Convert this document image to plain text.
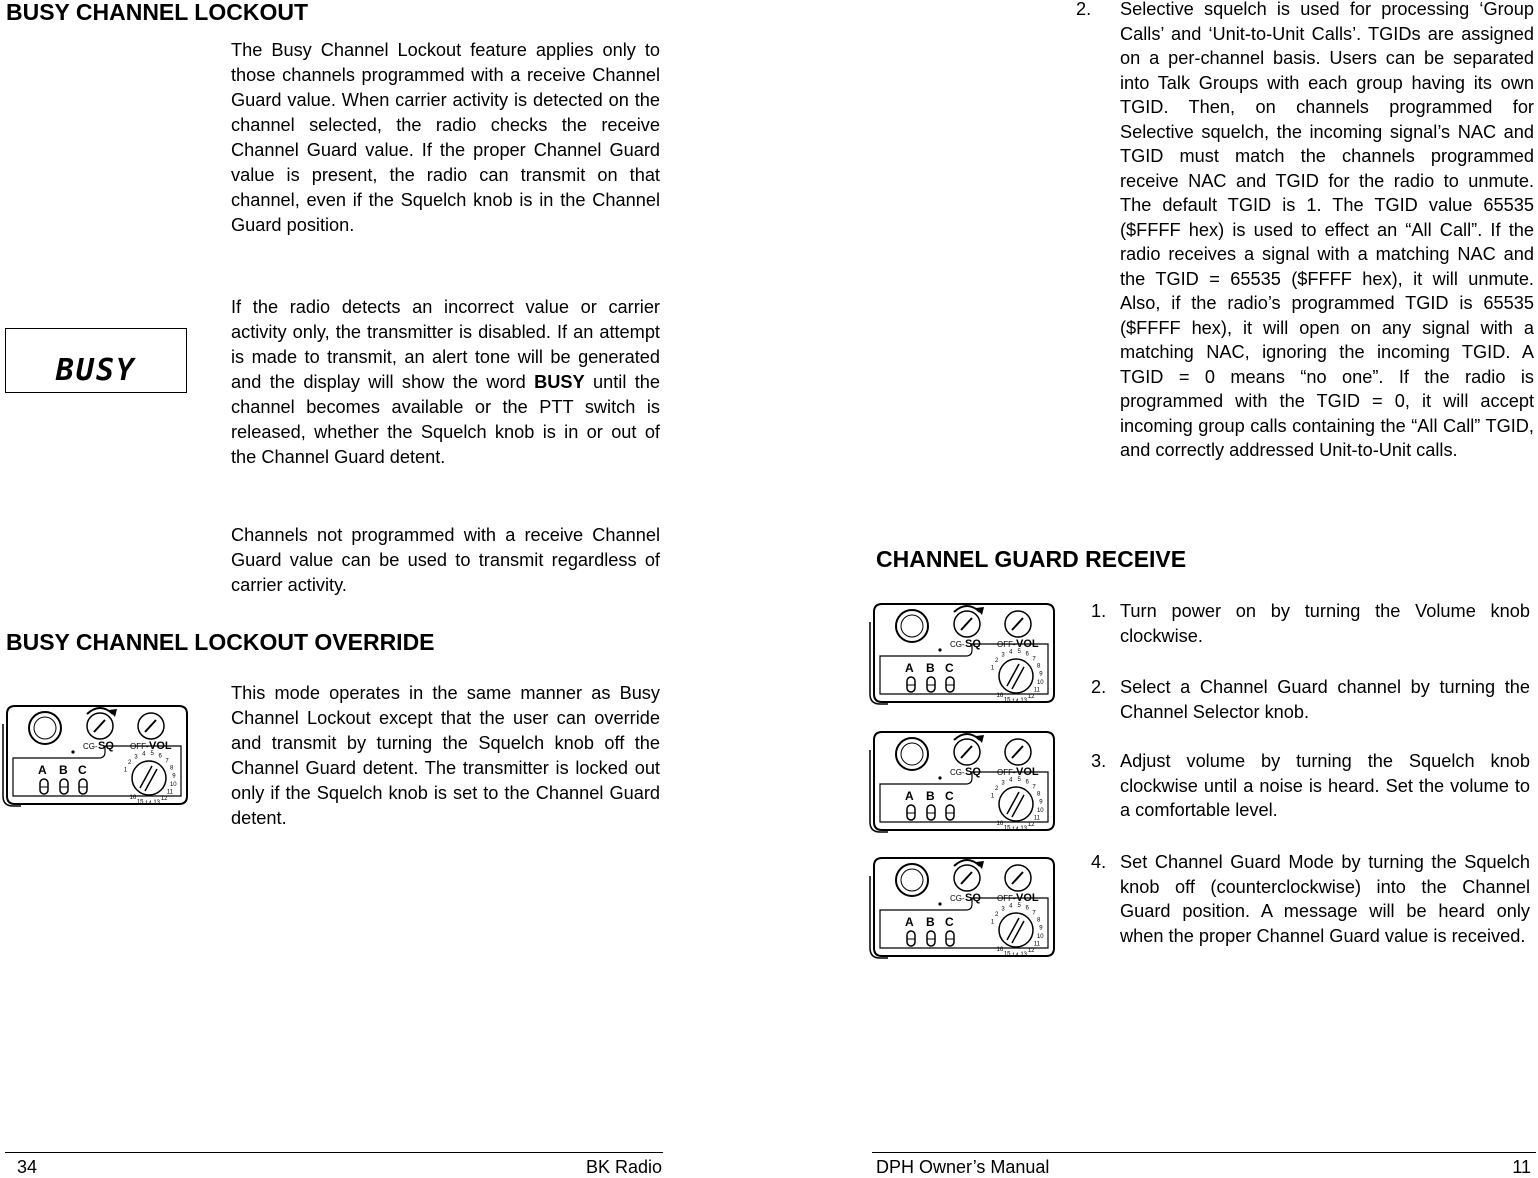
BUSY CHANNEL LOCKOUT

The Busy Channel Lockout feature applies only to those channels programmed with a receive Channel Guard value. When carrier activity is detected on the channel selected, the radio checks the receive Channel Guard value. If the proper Channel Guard value is present, the radio can transmit on that channel, even if the Squelch knob is in the Channel Guard position.

BUSY

If the radio detects an incorrect value or carrier activity only, the transmitter is disabled. If an attempt is made to transmit, an alert tone will be generated and the display will show the word BUSY until the channel becomes available or the PTT switch is released, whether the Squelch knob is in or out of the Channel Guard detent.

Channels not programmed with a receive Channel Guard value can be used to transmit regardless of carrier activity.

BUSY CHANNEL LOCKOUT OVERRIDE
CG- SQ OFF- VOL
A B C	1
2
3
4 5 6
7
8
9
10
11
12
13
14
15
16

This mode operates in the same manner as Busy Channel Lockout except that the user can override and transmit by turning the Squelch knob off the Channel Guard detent. The transmitter is locked out only if the Squelch knob is set to the Channel Guard detent.

34	BK Radio
2. Selective squelch is used for processing ‘Group Calls’ and ‘Unit-to-Unit Calls’. TGIDs are assigned on a per-channel basis. Users can be separated into Talk Groups with each group having its own TGID. Then, on channels programmed for Selective squelch, the incoming signal’s NAC and TGID must match the channels programmed receive NAC and TGID for the radio to unmute. The default TGID is 1. The TGID value 65535 ($FFFF hex) is used to effect an “All Call”. If the radio receives a signal with a matching NAC and the TGID = 65535 ($FFFF hex), it will unmute. Also, if the radio’s programmed TGID is 65535 ($FFFF hex), it will open on any signal with a matching NAC, ignoring the incoming TGID. A TGID = 0 means “no one”. If the radio is programmed with the TGID = 0, it will accept incoming group calls containing the “All Call” TGID, and correctly addressed Unit-to-Unit calls.

CHANNEL GUARD RECEIVE
CG- SQ OFF- VOL
A B C	1
2
3
4 5 6
7
8
9
10
11
12
13
14
15
16
CG- SQ OFF- VOL
A B C	1
2
3
4 5 6
7
8
9
10
11
12
13
14
15
16
CG- SQ OFF- VOL
A B C	1
2
3
4 5 6
7
8
9
10
11
12
13
14
15
16
1. Turn power on by turning the Volume knob clockwise.

2. Select a Channel Guard channel by turning the Channel Selector knob.

3. Adjust volume by turning the Squelch knob clockwise until a noise is heard. Set the volume to a comfortable level.

4. Set Channel Guard Mode by turning the Squelch knob off (counterclockwise) into the Channel Guard position. A message will be heard only when the proper Channel Guard value is received.

DPH Owner’s Manual	11
